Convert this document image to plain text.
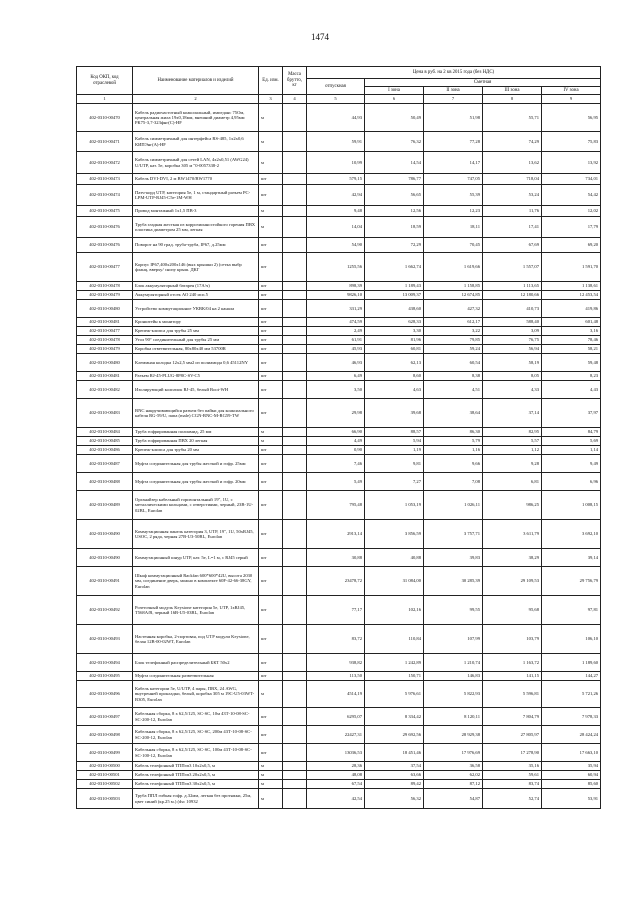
1474
Код ОКП, код отраслевой	Наименование материалов и изделий	Ед. изм.	Масса брутто, кг	Цена в руб. на 2 кв 2015 года (без НДС)				
				отпускная	Сметная			
					I зона	II зона	III зона	IV зона
1	2	3	4	5	6	7	8	9
402-0310-00470	Кабель радиочастотный коаксиальный, импеданс 75Ом, центральная жила 19х0,18мм, внешний диаметр 4,95мм РК75-3,7-323фнг(С)-НF	м		44,93	50,49	51,98	55,71	56,95
402-0310-00471	Кабель симметричный для интерфейса RS-485, 1х2х0,6 КИПЭнг(А)-НF	м		59,91	76,32	77,28	74,29	75,83
402-0310-00472	Кабель симметричный для сетей LAN, 4х2х0,51 (AWG24) U/UTP, кат. 5е, коробка 305 м "0-0057338-2	м		10,99	14,54	14,17	13,62	13,92
402-0310-00473	Кабель DVI-DVI, 2 м BW1470/BW1770	шт		579,15	786,77	747,05	718,04	734,01
402-0310-00474	Патч-корд UTP, категория 5е, 1 м, стандартный разъем PC-LPM-UTP-RJ45-C5e-1M-WH	шт		42,94	56,65	55,39	53,24	54,42
402-0310-00475	Провод монтажный 1х1,5 ПВ-3	м		9,48	12,56	12,23	11,76	12,02
402-0310-00476	Труба гладкая жесткая из коррозионностойкого горения ПВХ пластика диаметром 25 мм, легкая	м		14,04	18,59	18,11	17,41	17,79
402-0310-00476	Поворот на 90 град. труба-труба, IP67, д.25мм	шт		54,90	72,29	70,45	67,69	69,20
402-0310-00477	Корпус IP67,400х200х146 (вых крышки 2) (сетка выбр фланц, вверху/ снизу крыш. ДКГ	шт		1255,56	1 662,74	1 619,66	1 557,07	1 591,70
402-0310-00478	Блок аккумуляторный батарея (17А/ч)	шт		898,39	1 189,43	1 158,85	1 113,65	1 138,61
402-0310-00479	Аккумуляторный отсек АО 240 исп.5	шт		9826,10	13 009,37	12 674,85	12 180,66	12 453,54
402-0310-00480	Устройство коммутационное УКВК/04 на 2 канала	шт		331,29	438,60	427,32	410,73	419,86
402-0310-00481	Кронштейн к монитору	шт		474,59	628,33	612,17	588,40	601,48
402-0310-00477	Крепеж-клипса для трубы 25 мм	шт		2,49	3,30	3,22	3,09	3,16
402-0310-00478	Угол 90° соединительный для трубы 25 мм	шт		61,91	81,96	79,85	76,75	78,46
402-0310-00479	Коробка ответвительная, 80х80х40 мм 53700R	шт		45,93	60,81	59,24	56,94	58,21
402-0310-00480	Клеммная колодка 12х2,5 мм2 из полиамида 0,6 45112NY	шт		46,93	62,13	60,54	58,19	59,48
402-0310-00481	Разъем RJ-45-PLUG-8P8C-SV-C5	шт		6,49	8,60	8,38	8,05	8,23
402-0310-00482	Изолирующий колпачок RJ-45, белый Boot-WH	шт		3,50	4,63	4,51	4,33	4,43
402-0310-00483	BNC накручивающийся разъем без пайки для коаксиального кабеля RG-59/U, папа (male) CGN-BNC-M-RG59-TW	шт		29,98	39,68	38,64	37,14	37,97
402-0310-00484	Труба гофрированная полиамид, 25 мм	м		66,90	88,57	86,30	82,95	84,79
402-0310-00485	Труба гофрированная ПВХ 20 легкая	м		4,49	5,94	5,79	5,57	5,69
402-0310-00486	Крепеж-клипса для трубы 20 мм	шт		0,90	1,19	1,16	1,12	1,14
402-0310-00487	Муфта соединительная для трубы жесткой и гофр. 25мм	шт		7,46	9,81	9,66	9,28	9,49
402-0310-00488	Муфта соединительная для трубы жесткой и гофр. 20мм	шт		5,49	7,27	7,08	6,81	6,96
402-0310-00489	Органайзер кабельный горизонтальный 19", 1U, с металлическими кольцами, с отверстиями, черный, 23В-1U-02BL, Eurolan	шт		795,48	1 053,19	1 026,11	986,25	1 008,15
402-0310-00490	Коммутационная панель категория 3, UTP, 19", 1U, 50xRJ45, USOC, 2 ряда, черная 27В-U3-50BL, Eurolan	шт		2913,14	3 856,59	3 757,71	3 611,79	3 692,10
402-0310-00490	Коммутационный шнур UTP, кат. 5е, L=1 м, с RJ45 серый	шт		30,88	40,88	39,83	38,29	39,14
402-0310-00491	Шкаф коммутационный Rackfan 600*600*42U, высота 2030 мм, соединение дверь, можно в комплекте 60F-42-66-38GY, Eurolan	шт		23478,72	31 084,00	30 285,39	29 109,53	29 756,79
402-0310-00492	Розеточный модуль Keystone категория 5е, UTP, 1xRJ45, T568A/B, черный 16В-U5-03BL, Eurolan	шт		77,17	102,16	99,55	95,68	97,81
402-0310-00493	Настенная коробка, 2-портовая, под UTP модули Keystone, белая 12В-00-02WT, Eurolan	шт		83,72	110,84	107,99	103,79	106,10
402-0310-00494	Блок телефонный распределительный БКТ 50х2	шт		938,82	1 242,89	1 210,74	1 163,72	1 189,60
402-0310-00495	Муфта соединительная разветвительная	шт		113,50	150,71	146,83	141,15	144,27
402-0310-00496	Кабель категории 5е, U/UTP, 4 пары, ПВХ, 24 AWG, внутренней прокладки, белый, коробка 305 м 19С-U5-03WT-B305, Eurolan	м		4514,19	5 976,61	5 822,93	5 596,81	5 721,26
402-0310-00497	Кабельная сборка, 8 х 62,5/125, SC-SC, 10м 43Т-10-08-SC-SC-200-12, Eurolan	шт		6295,07	8 334,42	8 120,11	7 804,79	7 978,33
402-0310-00498	Кабельная сборка, 8 х 62,5/125, SC-SC, 200м 43Т-10-08-SC-SC-200-12, Eurolan	шт		22427,31	29 692,56	28 929,38	27 805,97	28 424,24
402-0310-00499	Кабельная сборка, 8 х 62,5/125, SC-SC, 100м 43Т-10-08-SC-SC-100-12, Eurolan	шт		13036,53	18 451,46	17 976,69	17 278,90	17 663,10
402-0310-00500	Кабель телефонный ТППэп3 10х2х0,5, м	м		28,36	37,54	36,58	35,16	35,94
402-0310-00501	Кабель телефонный ТППэп3 20х2х0,5, м	м		48,08	63,66	62,02	59,61	60,94
402-0310-00502	Кабель телефонный ТППэп3 30х2х0,5, м	м		67,54	89,42	87,12	83,74	85,60
402-0310-00503	Труба ППЛ гибкая гофр. д.32мм, легкая без протяжки, 25м, цвет синий (кр.25 м.) (dsc 10932	м		42,54	56,32	54,87	52,74	53,91
